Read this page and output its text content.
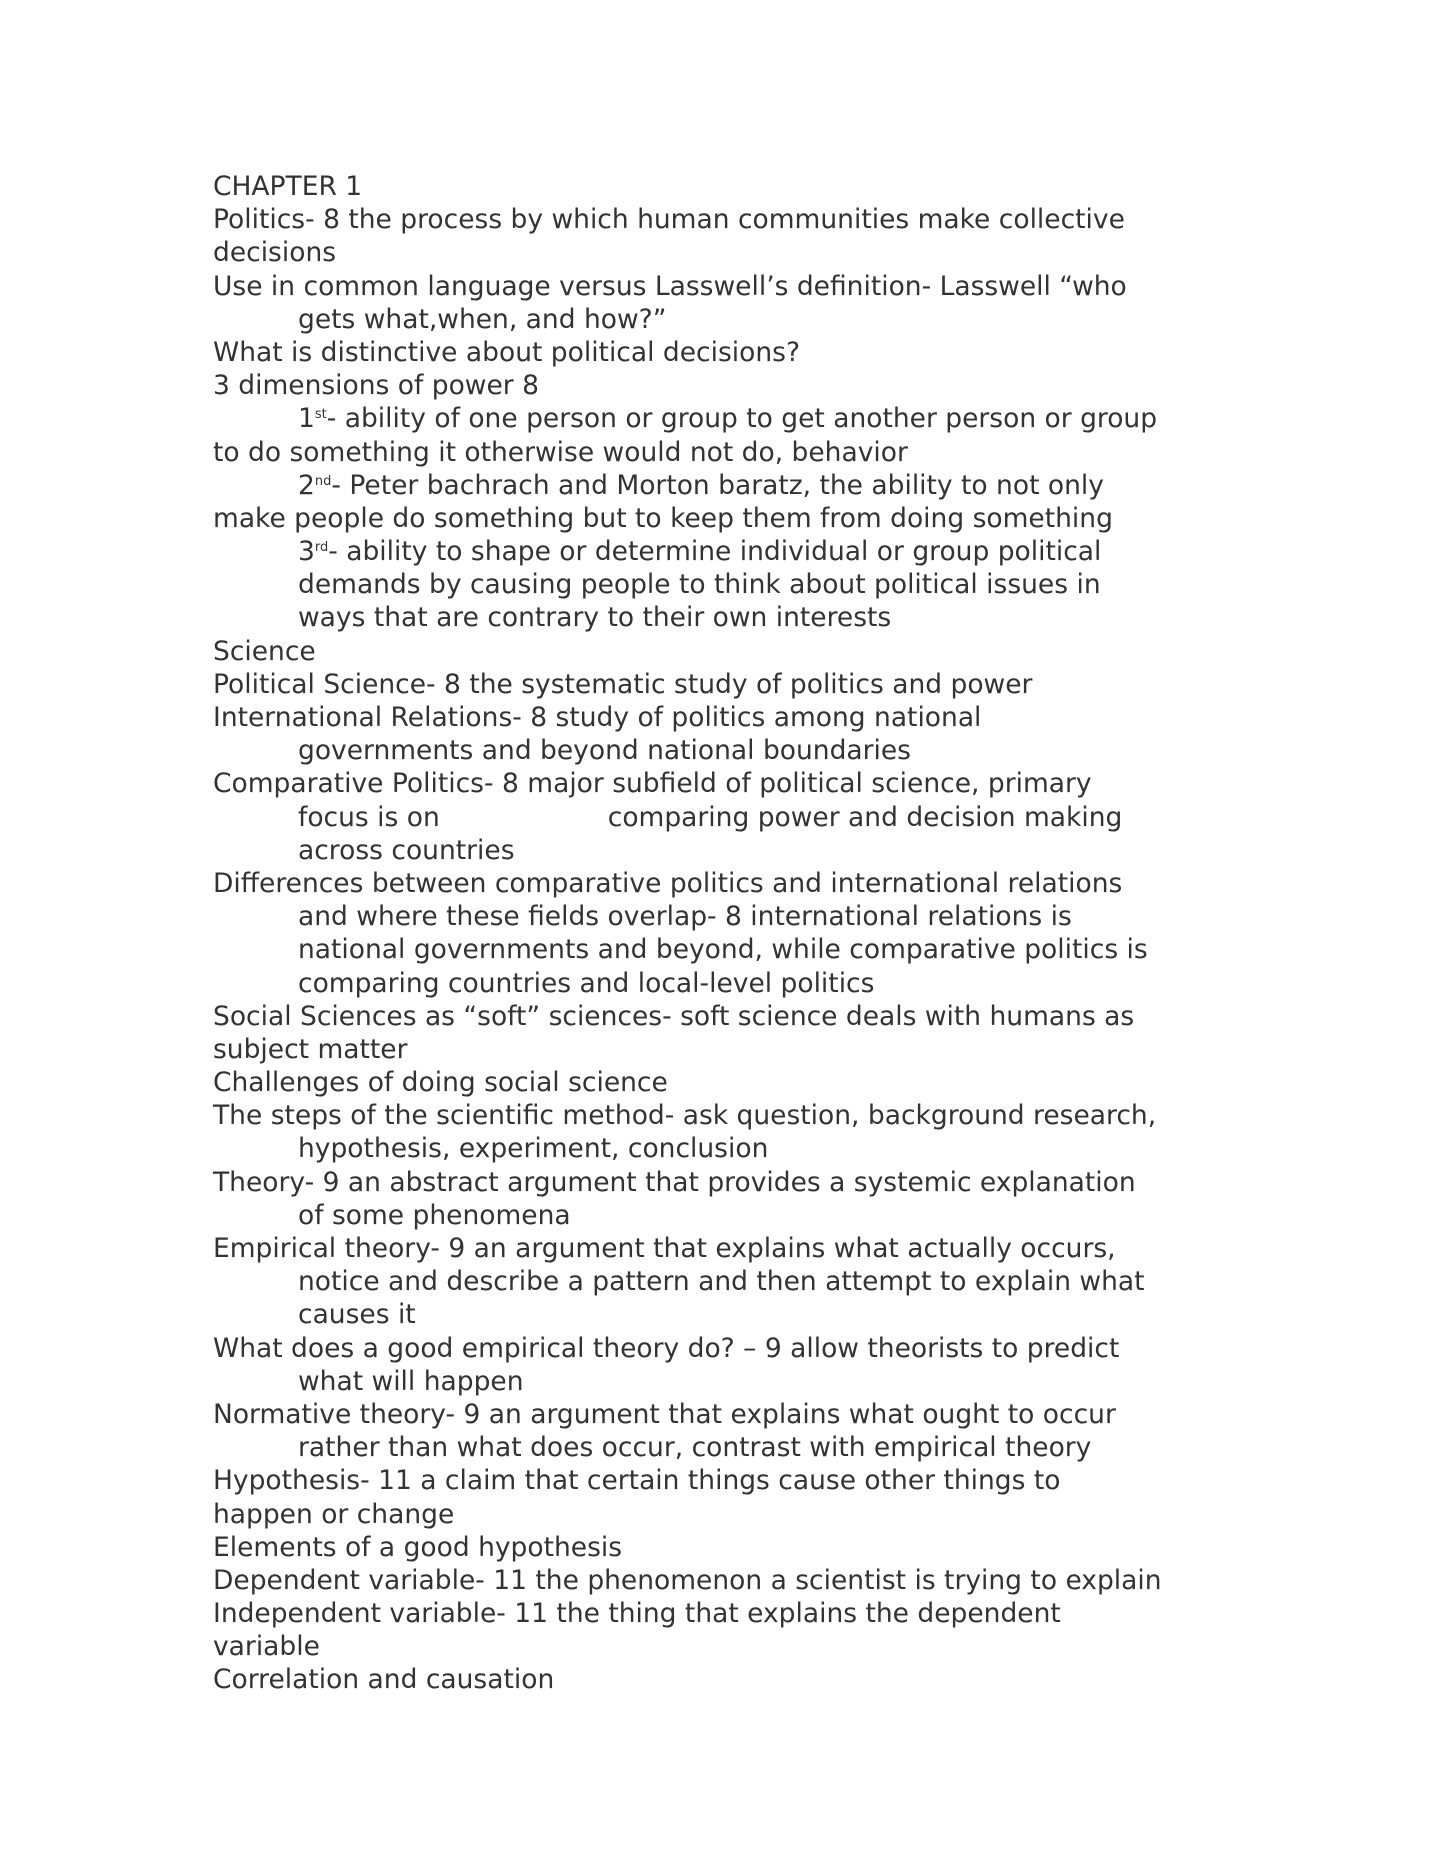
CHAPTER 1
Politics- 8 the process by which human communities make collective
decisions
Use in common language versus Lasswell’s definition- Lasswell “who
gets what,when, and how?”
What is distinctive about political decisions?
3 dimensions of power 8
1st- ability of one person or group to get another person or group
to do something it otherwise would not do, behavior
2nd- Peter bachrach and Morton baratz, the ability to not only
make people do something but to keep them from doing something
3rd- ability to shape or determine individual or group political
demands by causing people to think about political issues in
ways that are contrary to their own interests
Science
Political Science- 8 the systematic study of politics and power
International Relations- 8 study of politics among national
governments and beyond national boundaries
Comparative Politics- 8 major subfield of political science, primary
focus is on	comparing power and decision making
across countries
Differences between comparative politics and international relations
and where these fields overlap- 8 international relations is
national governments and beyond, while comparative politics is
comparing countries and local-level politics
Social Sciences as “soft” sciences- soft science deals with humans as
subject matter
Challenges of doing social science
The steps of the scientific method- ask question, background research,
hypothesis, experiment, conclusion
Theory- 9 an abstract argument that provides a systemic explanation
of some phenomena
Empirical theory- 9 an argument that explains what actually occurs,
notice and describe a pattern and then attempt to explain what
causes it
What does a good empirical theory do? – 9 allow theorists to predict
what will happen
Normative theory- 9 an argument that explains what ought to occur
rather than what does occur, contrast with empirical theory
Hypothesis- 11 a claim that certain things cause other things to
happen or change
Elements of a good hypothesis
Dependent variable- 11 the phenomenon a scientist is trying to explain
Independent variable- 11 the thing that explains the dependent
variable
Correlation and causation
